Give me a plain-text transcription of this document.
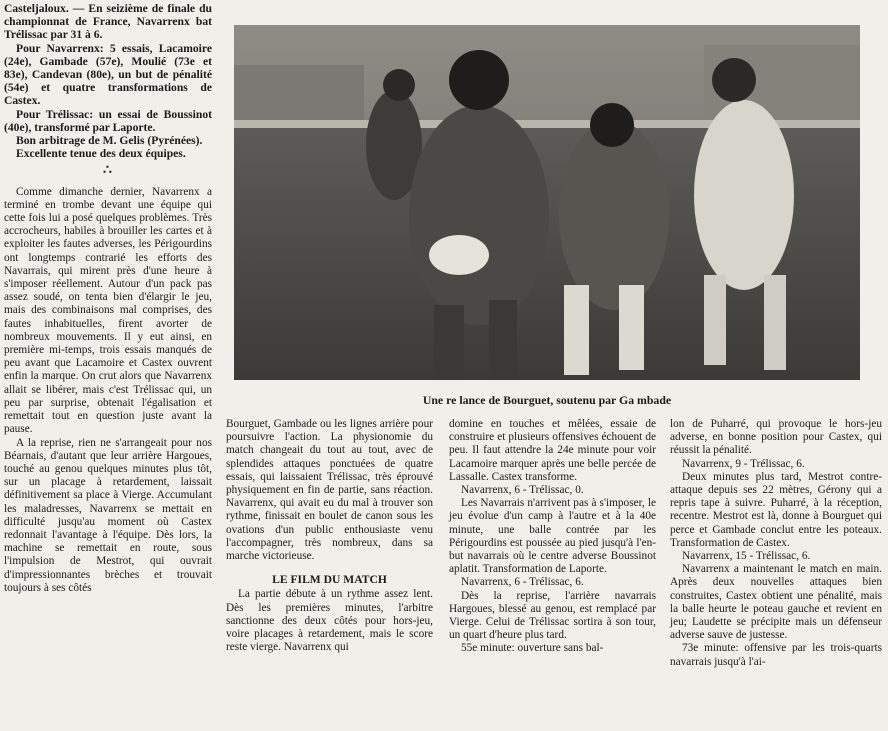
Casteljaloux. — En seizième de finale du championnat de France, Navarrenx bat Trélissac par 31 à 6.

Pour Navarrenx: 5 essais, Lacamoire (24e), Gambade (57e), Moulié (73e et 83e), Candevan (80e), un but de pénalité (54e) et quatre transformations de Castex.

Pour Trélissac: un essai de Boussinot (40e), transformé par Laporte.

Bon arbitrage de M. Gelis (Pyrénées).

Excellente tenue des deux équipes.

∴

Comme dimanche dernier, Navarrenx a terminé en trombe devant une équipe qui cette fois lui a posé quelques problèmes. Très accrocheurs, habiles à brouiller les cartes et à exploiter les fautes adverses, les Périgourdins ont longtemps contrarié les efforts des Navarrais, qui mirent près d'une heure à s'imposer réellement. Autour d'un pack pas assez soudé, on tenta bien d'élargir le jeu, mais des combinaisons mal comprises, des fautes inhabituelles, firent avorter de nombreux mouvements. Il y eut ainsi, en première mi-temps, trois essais manqués de peu avant que Lacamoire et Castex ouvrent enfin la marque. On crut alors que Navarrenx allait se libérer, mais c'est Trélissac qui, un peu par surprise, obtenait l'égalisation et remettait tout en question juste avant la pause.

A la reprise, rien ne s'arrangeait pour nos Béarnais, d'autant que leur arrière Hargoues, touché au genou quelques minutes plus tôt, sur un placage à retardement, laissait définitivement sa place à Vierge. Accumulant les maladresses, Navarrenx se mettait en difficulté jusqu'au moment où Castex redonnait l'avantage à l'équipe. Dès lors, la machine se remettait en route, sous l'impulsion de Mestrot, qui ouvrait d'impressionnantes brèches et trouvait toujours à ses côtés

Une re lance de Bourguet, soutenu par Ga mbade

Bourguet, Gambade ou les lignes arrière pour poursuivre l'action. La physionomie du match changeait du tout au tout, avec de splendides attaques ponctuées de quatre essais, qui laissaient Trélissac, très éprouvé physiquement en fin de partie, sans réaction. Navarrenx, qui avait eu du mal à trouver son rythme, finissait en boulet de canon sous les ovations d'un public enthousiaste venu l'accompagner, très nombreux, dans sa marche victorieuse.

LE FILM DU MATCH

La partie débute à un rythme assez lent. Dès les premières minutes, l'arbitre sanctionne des deux côtés pour hors-jeu, voire placages à retardement, mais le score reste vierge. Navarrenx qui

domine en touches et mêlées, essaie de construire et plusieurs offensives échouent de peu. Il faut attendre la 24e minute pour voir Lacamoire marquer après une belle percée de Lassalle. Castex transforme.

Navarrenx, 6 - Trélissac, 0.

Les Navarrais n'arrivent pas à s'imposer, le jeu évolue d'un camp à l'autre et à la 40e minute, une balle contrée par les Périgourdins est poussée au pied jusqu'à l'en-but navarrais où le centre adverse Boussinot aplatit. Transformation de Laporte.

Navarrenx, 6 - Trélissac, 6.

Dès la reprise, l'arrière navarrais Hargoues, blessé au genou, est remplacé par Vierge. Celui de Trélissac sortira à son tour, un quart d'heure plus tard.

55e minute: ouverture sans bal-

lon de Puharré, qui provoque le hors-jeu adverse, en bonne position pour Castex, qui réussit la pénalité.

Navarrenx, 9 - Trélissac, 6.

Deux minutes plus tard, Mestrot contre-attaque depuis ses 22 mètres, Gérony qui a repris tape à suivre. Puharré, à la réception, recentre. Mestrot est là, donne à Bourguet qui perce et Gambade conclut entre les poteaux. Transformation de Castex.

Navarrenx, 15 - Trélissac, 6.

Navarrenx a maintenant le match en main. Après deux nouvelles attaques bien construites, Castex obtient une pénalité, mais la balle heurte le poteau gauche et revient en jeu; Laudette se précipite mais un défenseur adverse sauve de justesse.

73e minute: offensive par les trois-quarts navarrais jusqu'à l'ai-
